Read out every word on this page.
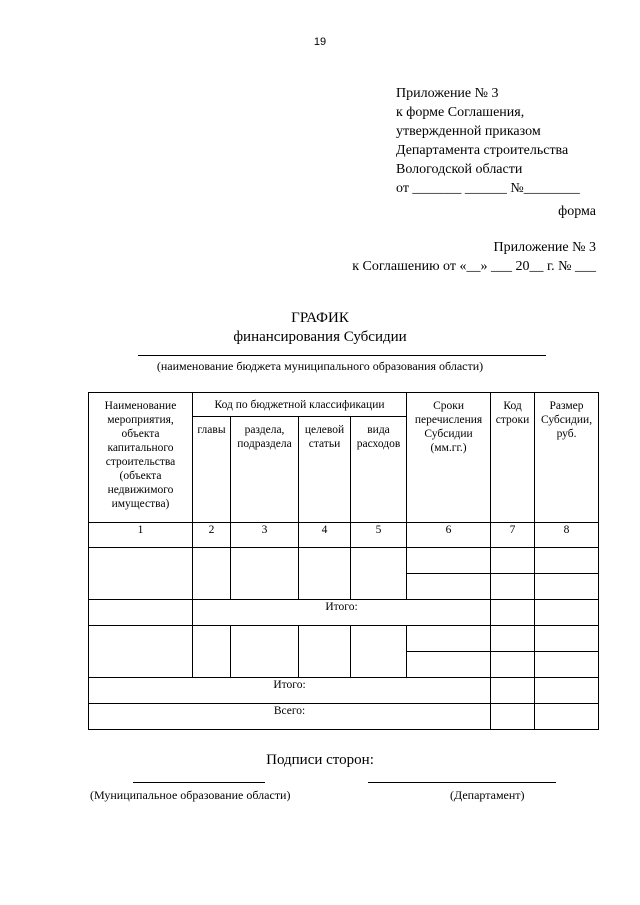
19
Приложение № 3
к форме Соглашения,
утвержденной приказом
Департамента строительства
Вологодской области
от _______ ______ №________
форма
Приложение № 3
к Соглашению от «__» ___ 20__ г. № ___
ГРАФИК
финансирования Субсидии
(наименование бюджета муниципального образования области)
Наименование мероприятия, объекта капитального строительства (объекта недвижимого имущества)	Код по бюджетной классификации				Сроки перечисления Субсидии (мм.гг.)	Код строки	Размер Субсидии, руб.
	главы	раздела, подраздела	целевой статьи	вида расходов			
1	2	3	4	5	6	7	8

	Итого:						

Итого:							
Всего:							
Подписи сторон:
(Муниципальное образование области)	(Департамент)
